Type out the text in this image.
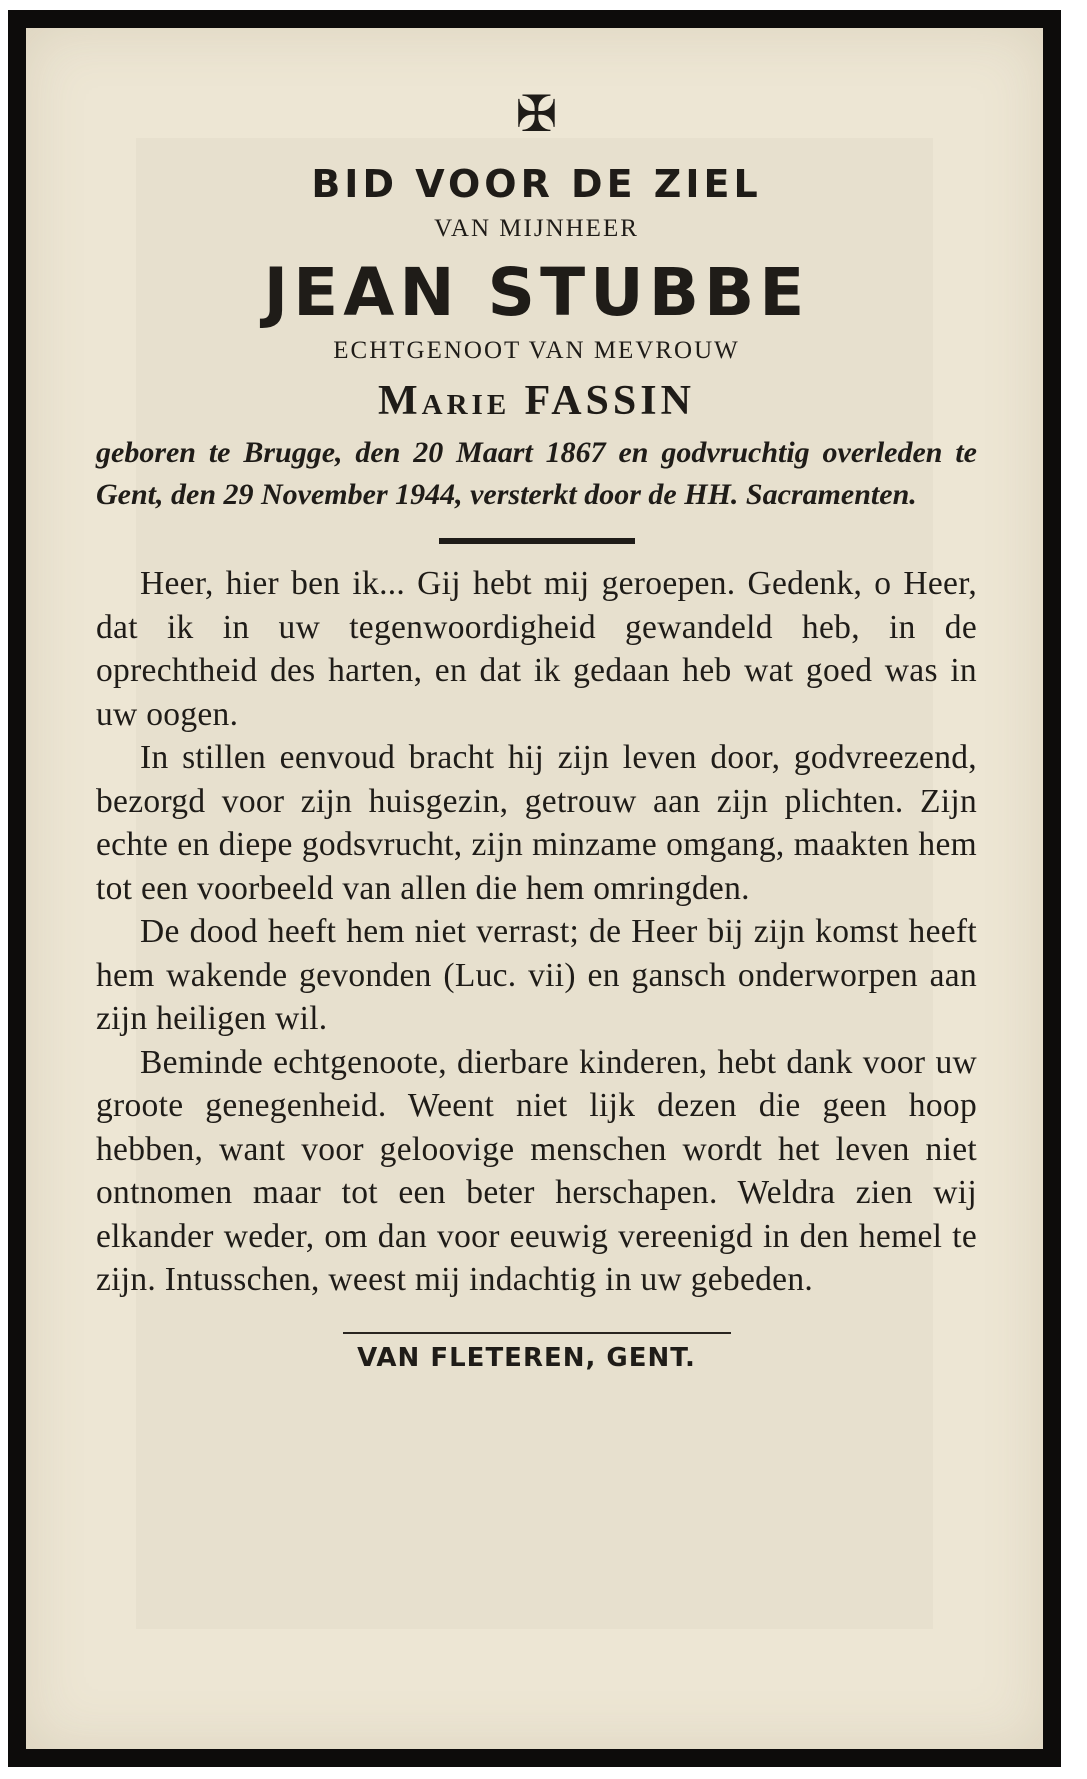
✠
BID VOOR DE ZIEL
VAN MIJNHEER
JEAN STUBBE
ECHTGENOOT VAN MEVROUW
Marie FASSIN
geboren te Brugge, den 20 Maart 1867 en godvruchtig overleden te Gent, den 29 November 1944, versterkt door de HH. Sacramenten.

Heer, hier ben ik... Gij hebt mij geroepen. Gedenk, o Heer, dat ik in uw tegenwoordigheid gewandeld heb, in de oprechtheid des harten, en dat ik gedaan heb wat goed was in uw oogen.

In stillen eenvoud bracht hij zijn leven door, godvreezend, bezorgd voor zijn huisgezin, getrouw aan zijn plichten. Zijn echte en diepe godsvrucht, zijn minzame omgang, maakten hem tot een voorbeeld van allen die hem omringden.

De dood heeft hem niet verrast; de Heer bij zijn komst heeft hem wakende gevonden (Luc. vii) en gansch onderworpen aan zijn heiligen wil.

Beminde echtgenoote, dierbare kinderen, hebt dank voor uw groote genegenheid. Weent niet lijk dezen die geen hoop hebben, want voor geloovige menschen wordt het leven niet ontnomen maar tot een beter herschapen. Weldra zien wij elkander weder, om dan voor eeuwig vereenigd in den hemel te zijn. Intusschen, weest mij indachtig in uw gebeden.

VAN FLETEREN, GENT.
